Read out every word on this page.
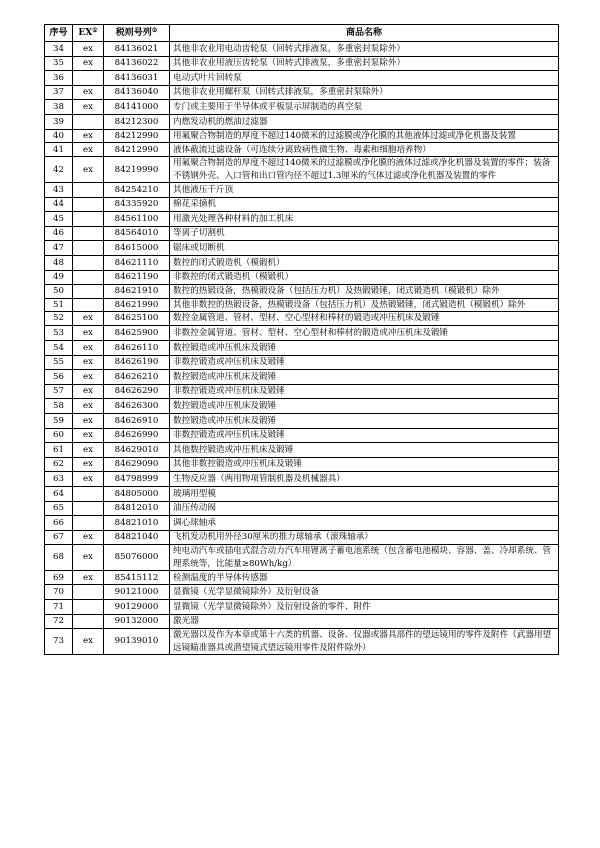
序号	EX①	税则号列②	商品名称
34	ex	84136021	其他非农业用电动齿轮泵（回转式排液泵，多重密封泵除外）
35	ex	84136022	其他非农业用液压齿轮泵（回转式排液泵，多重密封泵除外）
36		84136031	电动式叶片回转泵
37	ex	84136040	其他非农业用螺杆泵（回转式排液泵，多重密封泵除外）
38	ex	84141000	专门或主要用于半导体或平板显示屏制造的真空泵
39		84212300	内燃发动机的燃油过滤器
40	ex	84212990	用氟聚合物制造的厚度不超过140微米的过滤膜或净化膜的其他液体过滤或净化机器及装置
41	ex	84212990	液体截流过滤设备（可连续分离致病性微生物、毒素和细胞培养物）
42	ex	84219990	用氟聚合物制造的厚度不超过140微米的过滤膜或净化膜的液体过滤或净化机器及装置的零件；装备不锈钢外壳、入口管和出口管内径不超过1.3厘米的气体过滤或净化机器及装置的零件
43		84254210	其他液压千斤顶
44		84335920	棉花采摘机
45		84561100	用激光处理各种材料的加工机床
46		84564010	等离子切割机
47		84615000	锯床或切断机
48		84621110	数控的闭式锻造机（模锻机）
49		84621190	非数控的闭式锻造机（模锻机）
50		84621910	数控的热锻设备，热模锻设备（包括压力机）及热锻锻锤，闭式锻造机（模锻机）除外
51		84621990	其他非数控的热锻设备，热模锻设备（包括压力机）及热锻锻锤，闭式锻造机（模锻机）除外
52	ex	84625100	数控金属管道、管材、型材、空心型材和棒材的锻造或冲压机床及锻锤
53	ex	84625900	非数控金属管道、管材、型材、空心型材和棒材的锻造或冲压机床及锻锤
54	ex	84626110	数控锻造或冲压机床及锻锤
55	ex	84626190	非数控锻造或冲压机床及锻锤
56	ex	84626210	数控锻造或冲压机床及锻锤
57	ex	84626290	非数控锻造或冲压机床及锻锤
58	ex	84626300	数控锻造或冲压机床及锻锤
59	ex	84626910	数控锻造或冲压机床及锻锤
60	ex	84626990	非数控锻造或冲压机床及锻锤
61	ex	84629010	其他数控锻造或冲压机床及锻锤
62	ex	84629090	其他非数控锻造或冲压机床及锻锤
63	ex	84798999	生物反应器（两用物项管制机器及机械器具）
64		84805000	玻璃用型模
65		84812010	油压传动阀
66		84821010	调心球轴承
67	ex	84821040	飞机发动机用外径30厘米的推力球轴承（滚珠轴承）
68	ex	85076000	纯电动汽车或插电式混合动力汽车用锂离子蓄电池系统（包含蓄电池模块、容器、盖、冷却系统、管理系统等，比能量≥80Wh/kg）
69	ex	85415112	检测温度的半导体传感器
70		90121000	显微镜（光学显微镜除外）及衍射设备
71		90129000	显微镜（光学显微镜除外）及衍射设备的零件、附件
72		90132000	激光器
73	ex	90139010	激光器以及作为本章或第十六类的机器、设备、仪器或器具部件的望远镜用的零件及附件（武器用望远镜瞄准器具或潜望镜式望远镜用零件及附件除外）
